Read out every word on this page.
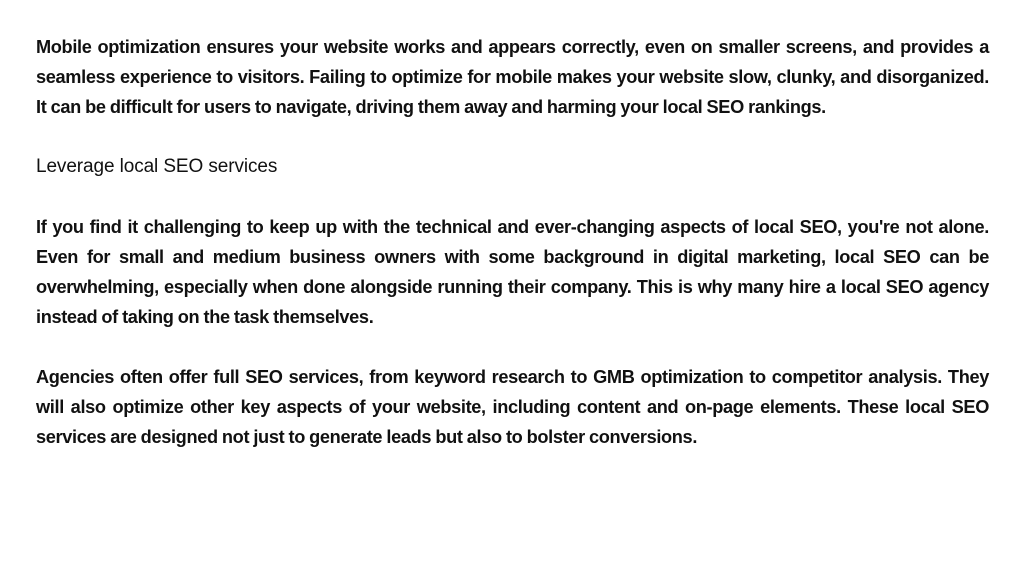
Mobile optimization ensures your website works and appears correctly, even on smaller screens, and provides a seamless experience to visitors. Failing to optimize for mobile makes your website slow, clunky, and disorganized. It can be difficult for users to navigate, driving them away and harming your local SEO rankings.

Leverage local SEO services

If you find it challenging to keep up with the technical and ever-changing aspects of local SEO, you're not alone. Even for small and medium business owners with some background in digital marketing, local SEO can be overwhelming, especially when done alongside running their company. This is why many hire a local SEO agency instead of taking on the task themselves.

Agencies often offer full SEO services, from keyword research to GMB optimization to competitor analysis. They will also optimize other key aspects of your website, including content and on-page elements. These local SEO services are designed not just to generate leads but also to bolster conversions.
